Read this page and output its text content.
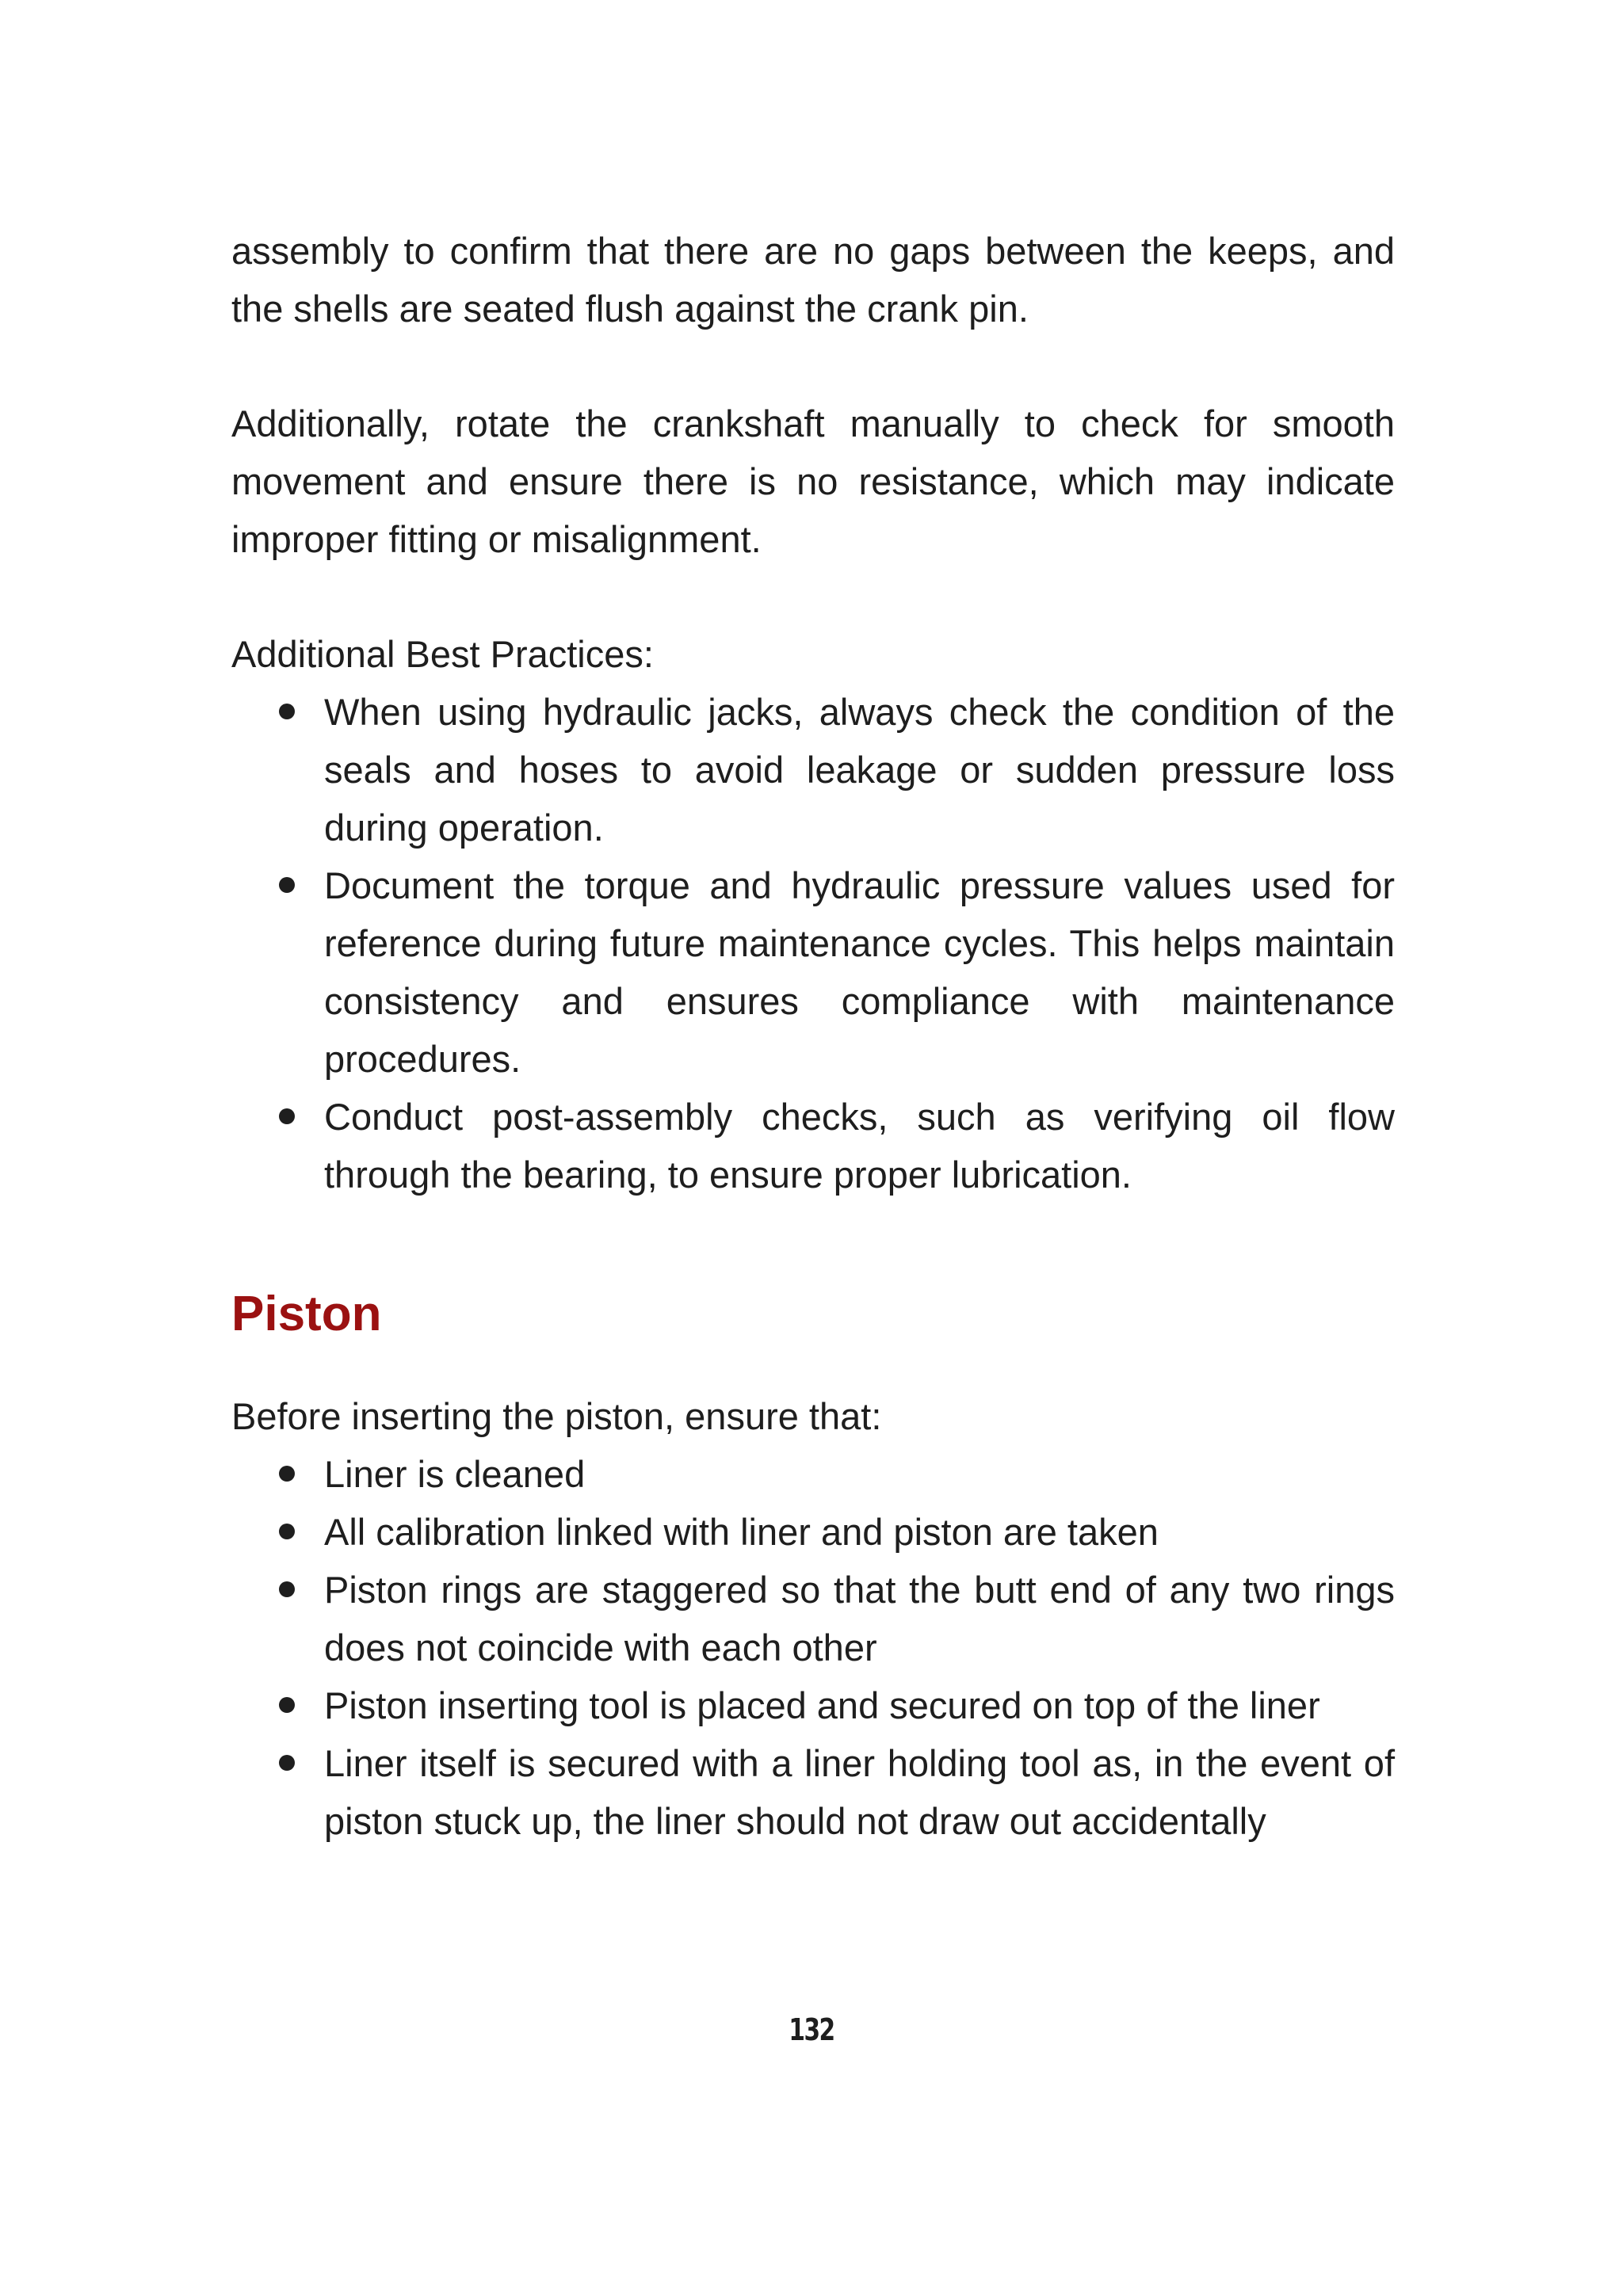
assembly to confirm that there are no gaps between the keeps, and the shells are seated flush against the crank pin.

Additionally, rotate the crankshaft manually to check for smooth movement and ensure there is no resistance, which may indicate improper fitting or misalignment.

Additional Best Practices:

When using hydraulic jacks, always check the condition of the seals and hoses to avoid leakage or sudden pressure loss during operation.
Document the torque and hydraulic pressure values used for reference during future maintenance cycles. This helps maintain consistency and ensures compliance with maintenance procedures.
Conduct post-assembly checks, such as verifying oil flow through the bearing, to ensure proper lubrication.
Piston

Before inserting the piston, ensure that:

Liner is cleaned
All calibration linked with liner and piston are taken
Piston rings are staggered so that the butt end of any two rings does not coincide with each other
Piston inserting tool is placed and secured on top of the liner
Liner itself is secured with a liner holding tool as, in the event of piston stuck up, the liner should not draw out accidentally
132
